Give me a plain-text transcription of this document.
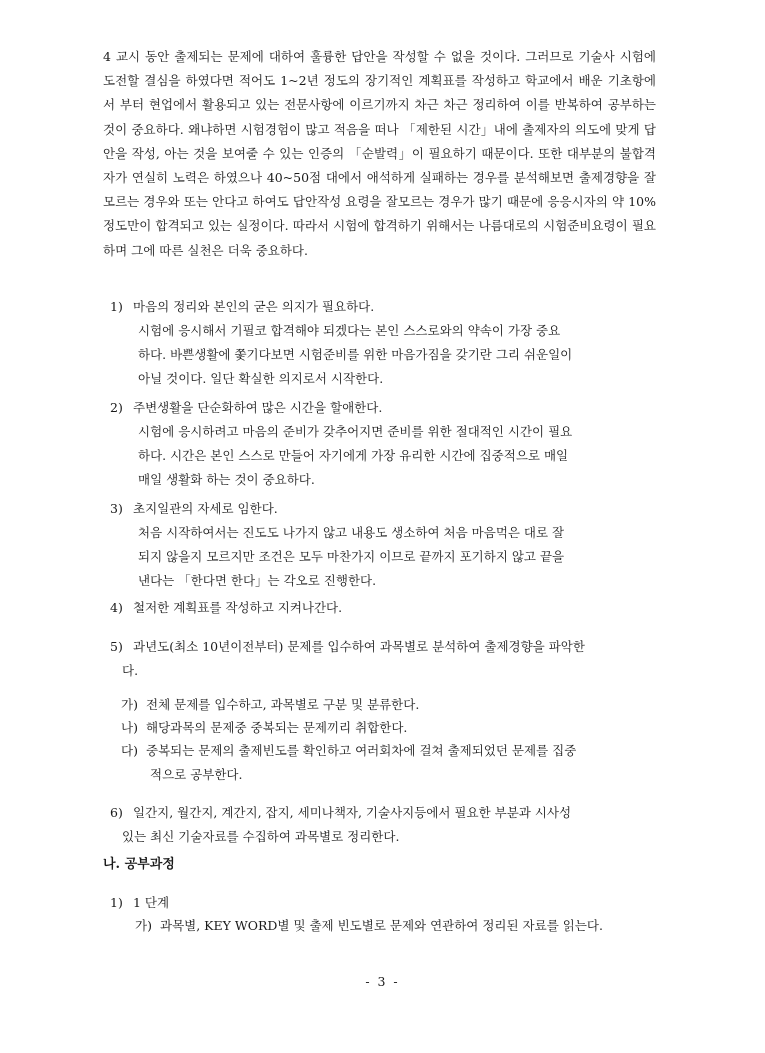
4 교시 동안 출제되는 문제에 대하여 훌륭한 답안을 작성할 수 없을 것이다. 그러므로 기술사 시험에 도전할 결심을 하였다면 적어도 1~2년 정도의 장기적인 계획표를 작성하고 학교에서 배운 기초항에서 부터 현업에서 활용되고 있는 전문사항에 이르기까지 차근 차근 정리하여 이를 반복하여 공부하는 것이 중요하다. 왜냐하면 시험경험이 많고 적음을 떠나 「제한된 시간」내에 출제자의 의도에 맞게 답안을 작성, 아는 것을 보여줄 수 있는 인증의 「순발력」이 필요하기 때문이다. 또한 대부분의 불합격자가 연실히 노력은 하였으나 40~50점 대에서 애석하게 실패하는 경우를 분석해보면 출제경향을 잘모르는 경우와 또는 안다고 하여도 답안작성 요령을 잘모르는 경우가 많기 때문에 응응시자의 약 10% 정도만이 합격되고 있는 실정이다. 따라서 시험에 합격하기 위해서는 나름대로의 시험준비요령이 필요하며 그에 따른 실천은 더욱 중요하다.
1) 마음의 정리와 본인의 굳은 의지가 필요하다.
시험에 응시해서 기필코 합격해야 되겠다는 본인 스스로와의 약속이 가장 중요
하다. 바쁜생활에 쫓기다보면 시험준비를 위한 마음가짐을 갖기란 그리 쉬운일이
아닐 것이다. 일단 확실한 의지로서 시작한다.
2) 주변생활을 단순화하여 많은 시간을 할애한다.
시험에 응시하려고 마음의 준비가 갖추어지면 준비를 위한 절대적인 시간이 필요
하다. 시간은 본인 스스로 만들어 자기에게 가장 유리한 시간에 집중적으로 매일
매일 생활화 하는 것이 중요하다.
3) 초지일관의 자세로 임한다.
처음 시작하여서는 진도도 나가지 않고 내용도 생소하여 처음 마음먹은 대로 잘
되지 않을지 모르지만 조건은 모두 마찬가지 이므로 끝까지 포기하지 않고 끝을
낸다는 「한다면 한다」는 각오로 진행한다.
4) 철저한 계획표를 작성하고 지켜나간다.
5) 과년도(최소 10년이전부터) 문제를 입수하여 과목별로 분석하여 출제경향을 파악한
다.
가) 전체 문제를 입수하고, 과목별로 구분 및 분류한다.
나) 해당과목의 문제중 중복되는 문제끼리 취합한다.
다) 중복되는 문제의 출제빈도를 확인하고 여러회차에 걸쳐 출제되었던 문제를 집중
적으로 공부한다.
6) 일간지, 월간지, 계간지, 잡지, 세미나책자, 기술사지등에서 필요한 부분과 시사성
있는 최신 기술자료를 수집하여 과목별로 정리한다.
나. 공부과정
1) 1 단계
가) 과목별, KEY WORD별 및 출제 빈도별로 문제와 연관하여 정리된 자료를 읽는다.
- 3 -
